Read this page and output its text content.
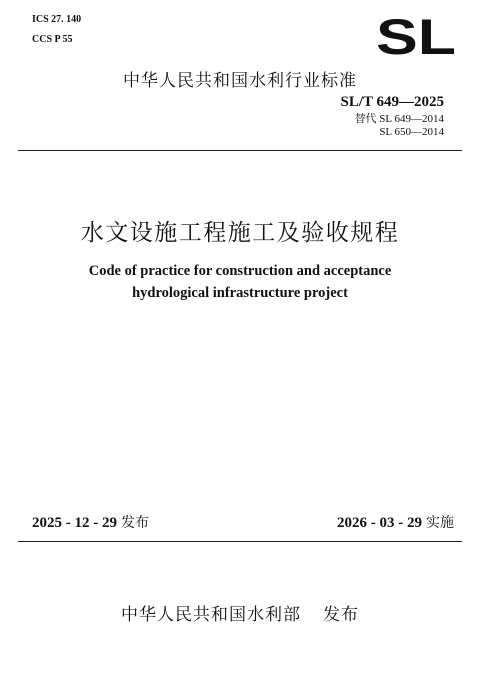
ICS 27. 140
CCS P 55	SL
中华人民共和国水利行业标准
SL/T 649—2025
替代 SL 649—2014
SL 650—2014
水文设施工程施工及验收规程
Code of practice for construction and acceptance
hydrological infrastructure project
2025 - 12 - 29 发布	2026 - 03 - 29 实施
中华人民共和国水利部 发布
